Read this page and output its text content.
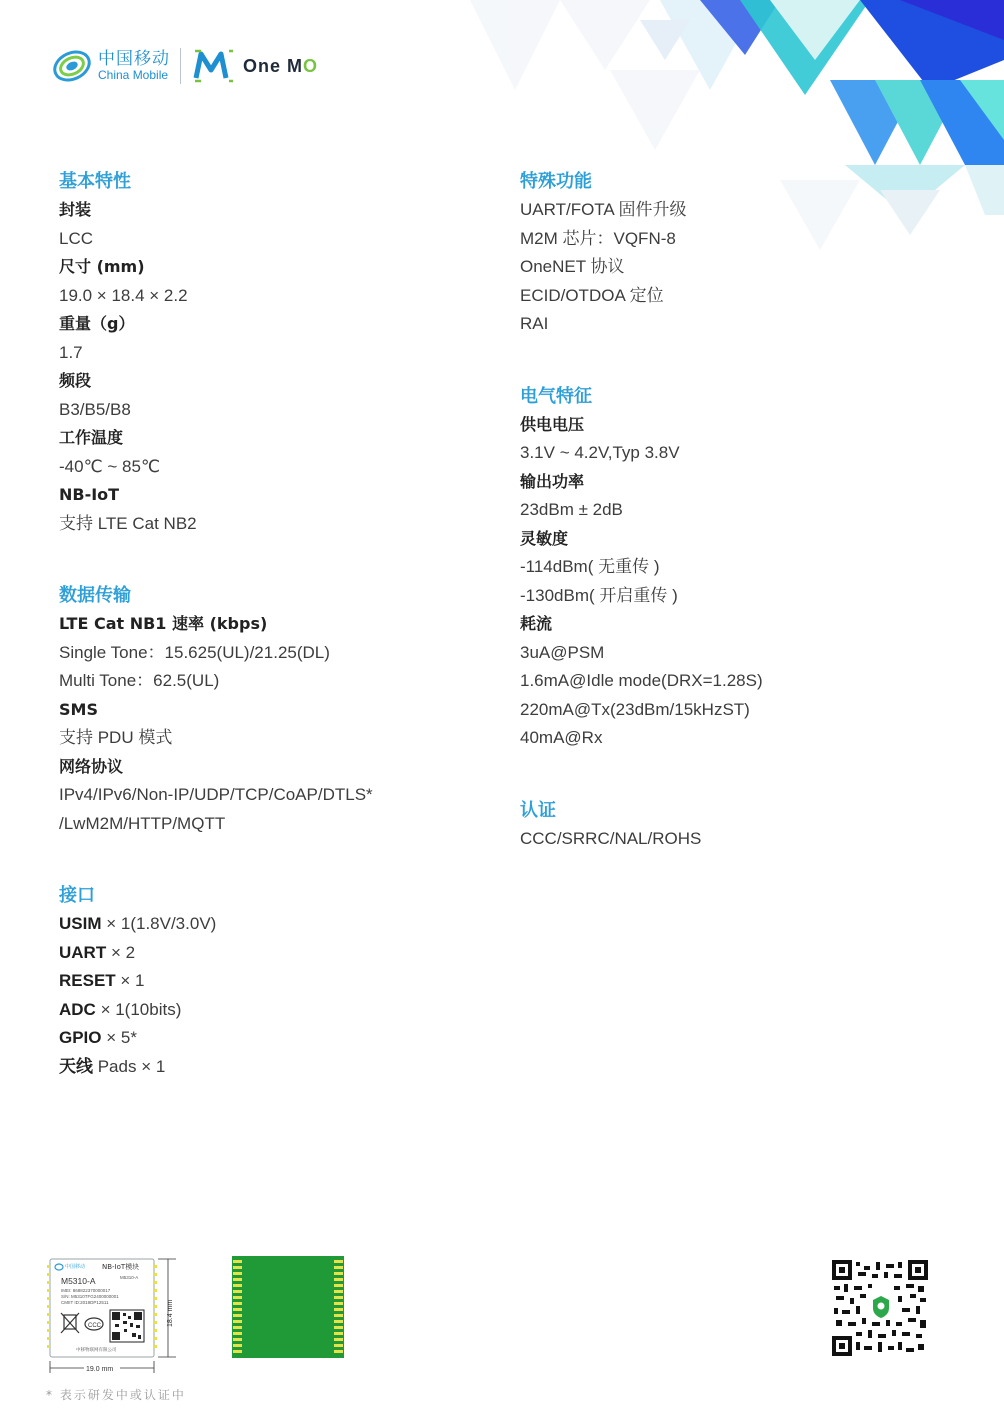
中国移动
China Mobile	One MO
基本特性
封装
LCC
尺寸 (mm)
19.0 × 18.4 × 2.2
重量（g）
1.7
频段
B3/B5/B8
工作温度
-40℃ ~ 85℃
NB-IoT
支持 LTE Cat NB2
数据传输
LTE Cat NB1 速率 (kbps)
Single Tone：15.625(UL)/21.25(DL)
Multi Tone：62.5(UL)
SMS
支持 PDU 模式
网络协议
IPv4/IPv6/Non-IP/UDP/TCP/CoAP/DTLS*
/LwM2M/HTTP/MQTT
接口
USIM × 1(1.8V/3.0V)
UART × 2
RESET × 1
ADC × 1(10bits)
GPIO × 5*
天线 Pads × 1
特殊功能
UART/FOTA 固件升级
M2M 芯片：VQFN-8
OneNET 协议
ECID/OTDOA 定位
RAI
电气特征
供电电压
3.1V ~ 4.2V,Typ 3.8V
输出功率
23dBm ± 2dB
灵敏度
-114dBm( 无重传 )
-130dBm( 开启重传 )
耗流
3uA@PSM
1.6mA@Idle mode(DRX=1.28S)
220mA@Tx(23dBm/15kHzST)
40mA@Rx
认证
CCC/SRRC/NAL/ROHS
中国移动 NB-IoT模块
M5310-A	M5310-A
IMEI: 868822370000017
S/N: M5310TFG2400000001
CMIIT ID:2019DP12511
CCC
中移物联网有限公司
19.0 mm
18.4 mm
* 表示研发中或认证中
